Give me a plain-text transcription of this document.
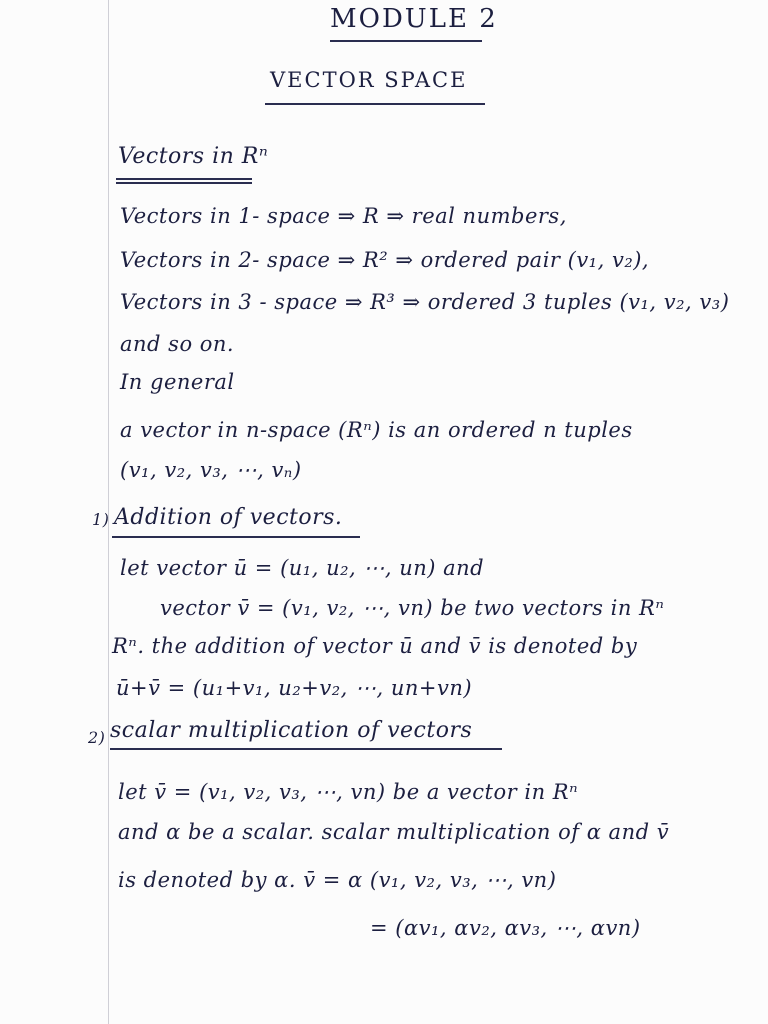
MODULE 2
VECTOR SPACE
Vectors in Rⁿ
Vectors in 1- space ⇒ R ⇒ real numbers,
Vectors in 2- space ⇒ R² ⇒ ordered pair (v₁, v₂),
Vectors in 3 - space ⇒ R³ ⇒ ordered 3 tuples (v₁, v₂, v₃)
and so on.
In general
a vector in n-space (Rⁿ) is an ordered n tuples
(v₁, v₂, v₃, ⋯, vₙ)
1) Addition of vectors.
let vector ū = (u₁, u₂, ⋯, un) and
vector v̄ = (v₁, v₂, ⋯, vn) be two vectors in Rⁿ
Rⁿ. the addition of vector ū and v̄ is denoted by
ū+v̄ = (u₁+v₁, u₂+v₂, ⋯, un+vn)
2) scalar multiplication of vectors
let v̄ = (v₁, v₂, v₃, ⋯, vn) be a vector in Rⁿ
and α be a scalar. scalar multiplication of α and v̄
is denoted by α. v̄ = α (v₁, v₂, v₃, ⋯, vn)
= (αv₁, αv₂, αv₃, ⋯, αvn)
